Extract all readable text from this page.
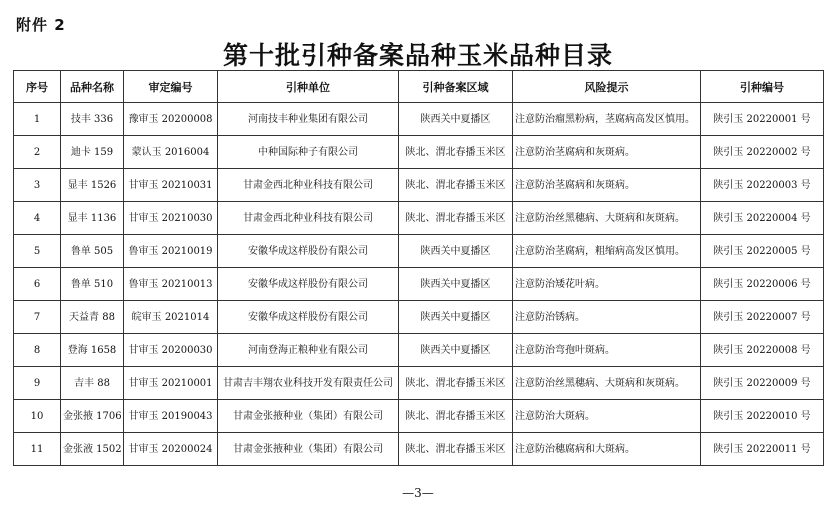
附件 2
第十批引种备案品种玉米品种目录
序号	品种名称	审定编号	引种单位	引种备案区域	风险提示	引种编号
1	技丰 336	豫审玉 20200008	河南技丰种业集团有限公司	陕西关中夏播区	注意防治瘤黑粉病，茎腐病高发区慎用。	陕引玉 20220001 号
2	迪卡 159	蒙认玉 2016004	中种国际种子有限公司	陕北、渭北春播玉米区	注意防治茎腐病和灰斑病。	陕引玉 20220002 号
3	显丰 1526	甘审玉 20210031	甘肃金西北种业科技有限公司	陕北、渭北春播玉米区	注意防治茎腐病和灰斑病。	陕引玉 20220003 号
4	显丰 1136	甘审玉 20210030	甘肃金西北种业科技有限公司	陕北、渭北春播玉米区	注意防治丝黑穗病、大斑病和灰斑病。	陕引玉 20220004 号
5	鲁单 505	鲁审玉 20210019	安徽华成这样股份有限公司	陕西关中夏播区	注意防治茎腐病，粗缩病高发区慎用。	陕引玉 20220005 号
6	鲁单 510	鲁审玉 20210013	安徽华成这样股份有限公司	陕西关中夏播区	注意防治矮花叶病。	陕引玉 20220006 号
7	天益青 88	皖审玉 2021014	安徽华成这样股份有限公司	陕西关中夏播区	注意防治锈病。	陕引玉 20220007 号
8	登海 1658	甘审玉 20200030	河南登海正粮种业有限公司	陕西关中夏播区	注意防治弯孢叶斑病。	陕引玉 20220008 号
9	吉丰 88	甘审玉 20210001	甘肃吉丰翔农业科技开发有限责任公司	陕北、渭北春播玉米区	注意防治丝黑穗病、大斑病和灰斑病。	陕引玉 20220009 号
10	金张掖 1706	甘审玉 20190043	甘肃金张掖种业（集团）有限公司	陕北、渭北春播玉米区	注意防治大斑病。	陕引玉 20220010 号
11	金张液 1502	甘审玉 20200024	甘肃金张掖种业（集团）有限公司	陕北、渭北春播玉米区	注意防治穗腐病和大斑病。	陕引玉 20220011 号
—3—
